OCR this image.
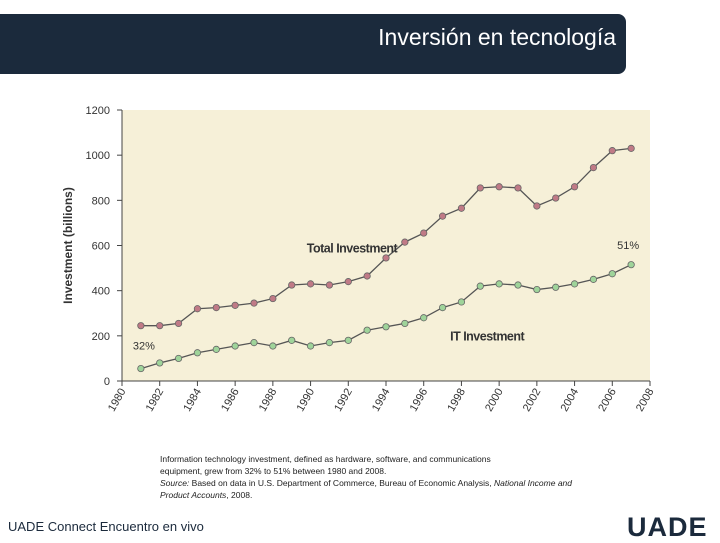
Inversión en tecnología
0
200
400
600
800
1000
1200
Investment (billions)
1980 1982 1984 1986 1988 1990 1992 1994 1996 1998 2000 2002 2004 2006 2008
Total Investment
IT Investment
32%
51%
Information technology investment, defined as hardware, software, and communications
equipment, grew from 32% to 51% between 1980 and 2008.
Source: Based on data in U.S. Department of Commerce, Bureau of Economic Analysis, National Income and Product Accounts, 2008.
UADE Connect Encuentro en vivo	UADE
